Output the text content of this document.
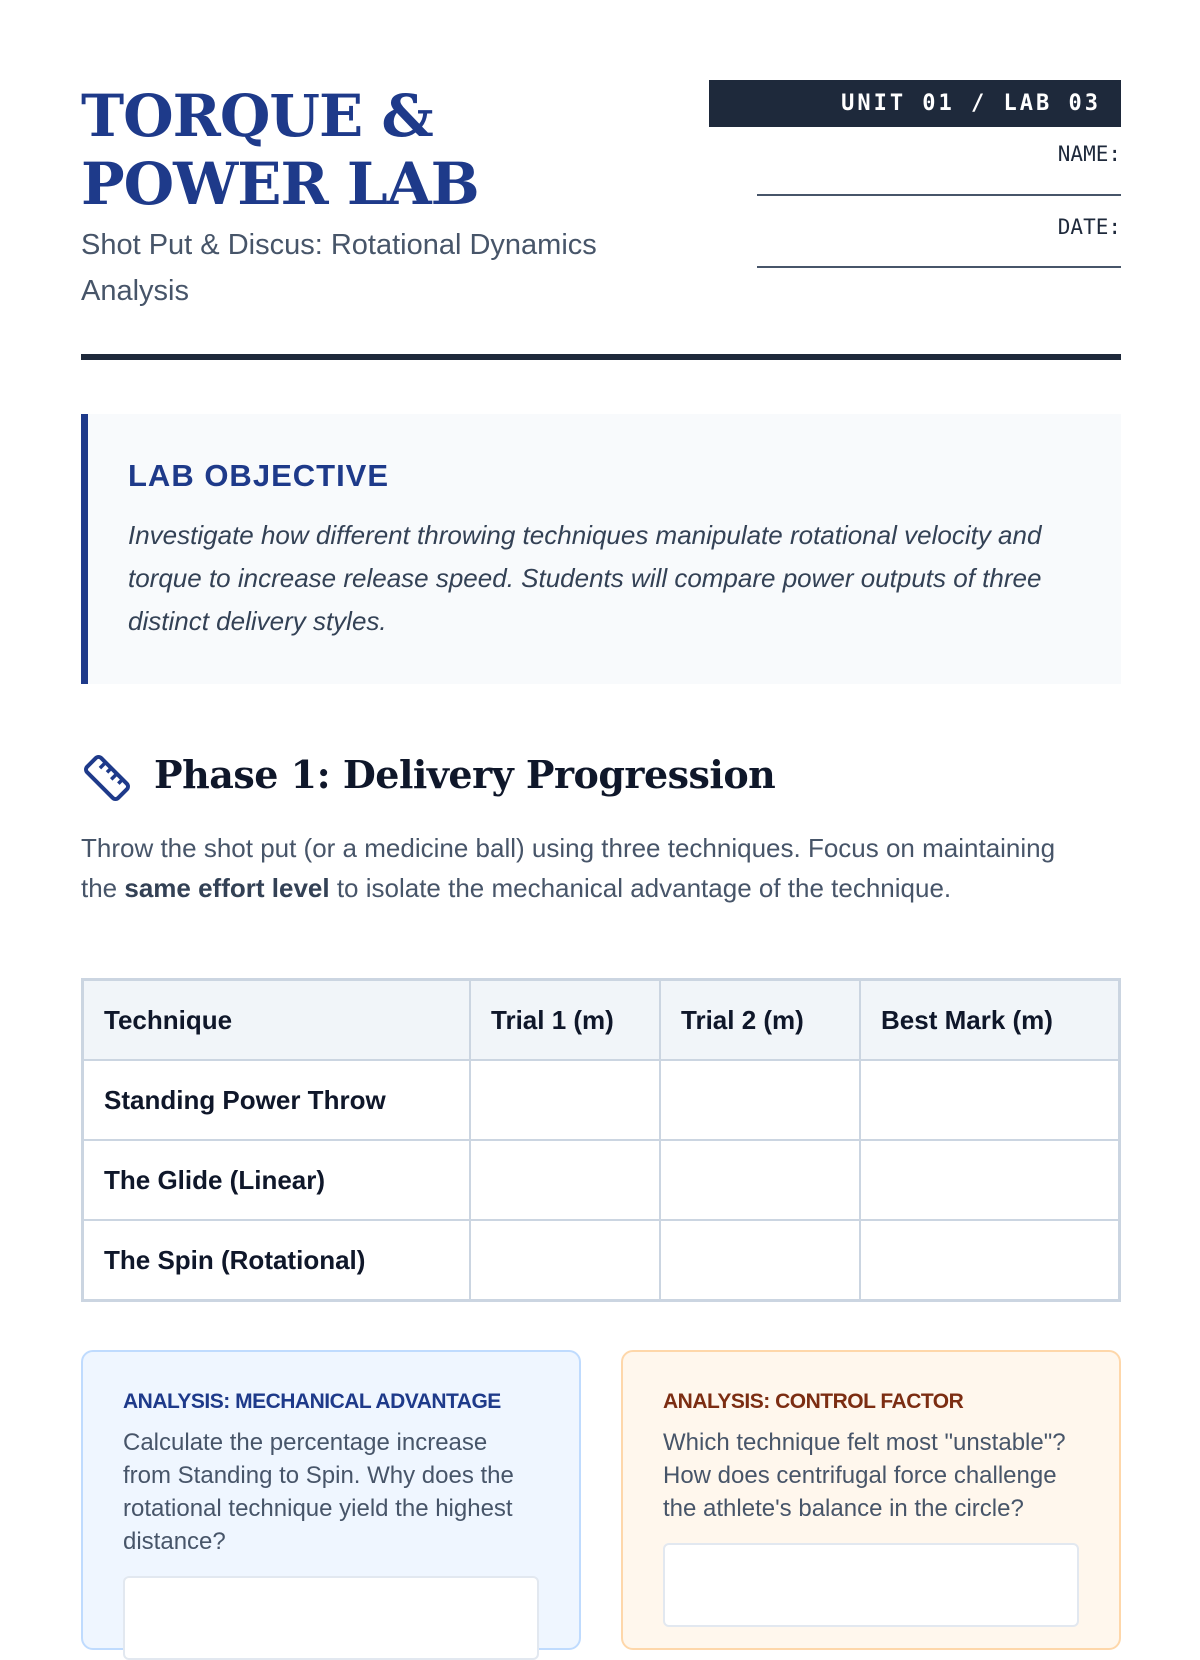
TORQUE & POWER LAB

Shot Put & Discus: Rotational Dynamics Analysis

UNIT 01 / LAB 03
NAME:
DATE:
LAB OBJECTIVE

Investigate how different throwing techniques manipulate rotational velocity and torque to increase release speed. Students will compare power outputs of three distinct delivery styles.

Phase 1: Delivery Progression

Throw the shot put (or a medicine ball) using three techniques. Focus on maintaining the same effort level to isolate the mechanical advantage of the technique.

Technique	Trial 1 (m)	Trial 2 (m)	Best Mark (m)
Standing Power Throw			
The Glide (Linear)			
The Spin (Rotational)			
ANALYSIS: MECHANICAL ADVANTAGE

Calculate the percentage increase from Standing to Spin. Why does the rotational technique yield the highest distance?

ANALYSIS: CONTROL FACTOR

Which technique felt most "unstable"? How does centrifugal force challenge the athlete's balance in the circle?
